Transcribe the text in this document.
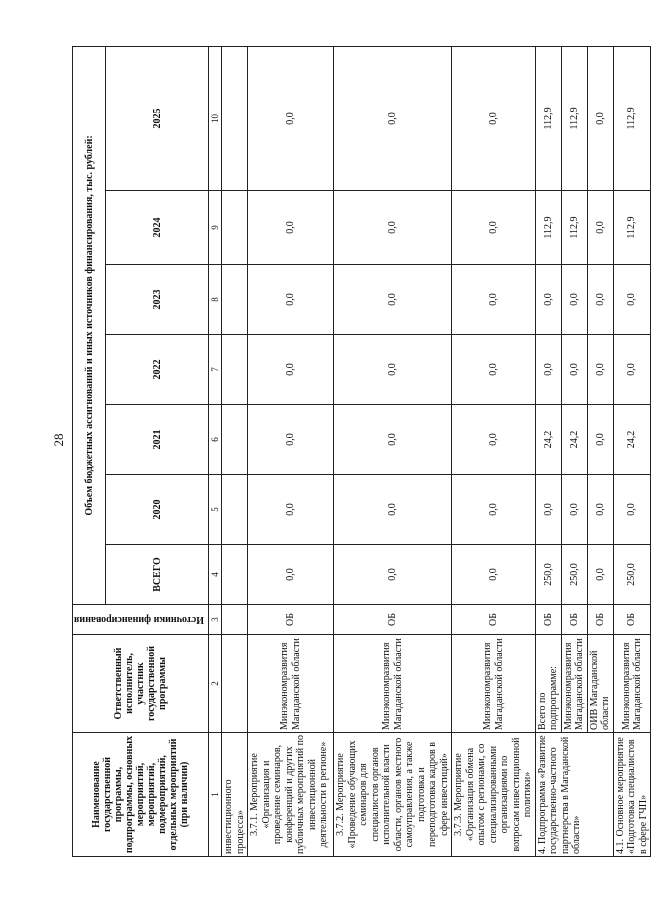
28
Наименование государственной программы, подпрограммы, основных мероприятий, мероприятий, подмероприятий, отдельных мероприятий (при наличии)	Ответственный исполнитель, участник государственной программы	Источники финансирования	Объем бюджетных ассигнований и иных источников финансирования, тыс. рублей:						
			ВСЕГО	2020	2021	2022	2023	2024	2025
1	2	3	4	5	6	7	8	9	10
инвестиционного процесса»									
3.7.1. Мероприятие «Организация и проведение семинаров, конференций и других публичных мероприятий по инвестиционной деятельности в регионе»	Минэкономразвития Магаданской области	ОБ	0,0	0,0	0,0	0,0	0,0	0,0	0,0
3.7.2. Мероприятие «Проведение обучающих семинаров для специалистов органов исполнительной власти области, органов местного самоуправления, а также подготовка и переподготовка кадров в сфере инвестиций»	Минэкономразвития Магаданской области	ОБ	0,0	0,0	0,0	0,0	0,0	0,0	0,0
3.7.3. Мероприятие «Организация обмена опытом с регионами, со специализированными организациями по вопросам инвестиционной политики»	Минэкономразвития Магаданской области	ОБ	0,0	0,0	0,0	0,0	0,0	0,0	0,0
4. Подпрограмма «Развитие государственно-частного партнерства в Магаданской области»	Всего по подпрограмме:	ОБ	250,0	0,0	24,2	0,0	0,0	112,9	112,9
	Минэкономразвития Магаданской области	ОБ	250,0	0,0	24,2	0,0	0,0	112,9	112,9
	ОИВ Магаданской области	ОБ	0,0	0,0	0,0	0,0	0,0	0,0	0,0
4.1. Основное мероприятие «Подготовка специалистов в сфере ГЧП»	Минэкономразвития Магаданской области	ОБ	250,0	0,0	24,2	0,0	0,0	112,9	112,9
